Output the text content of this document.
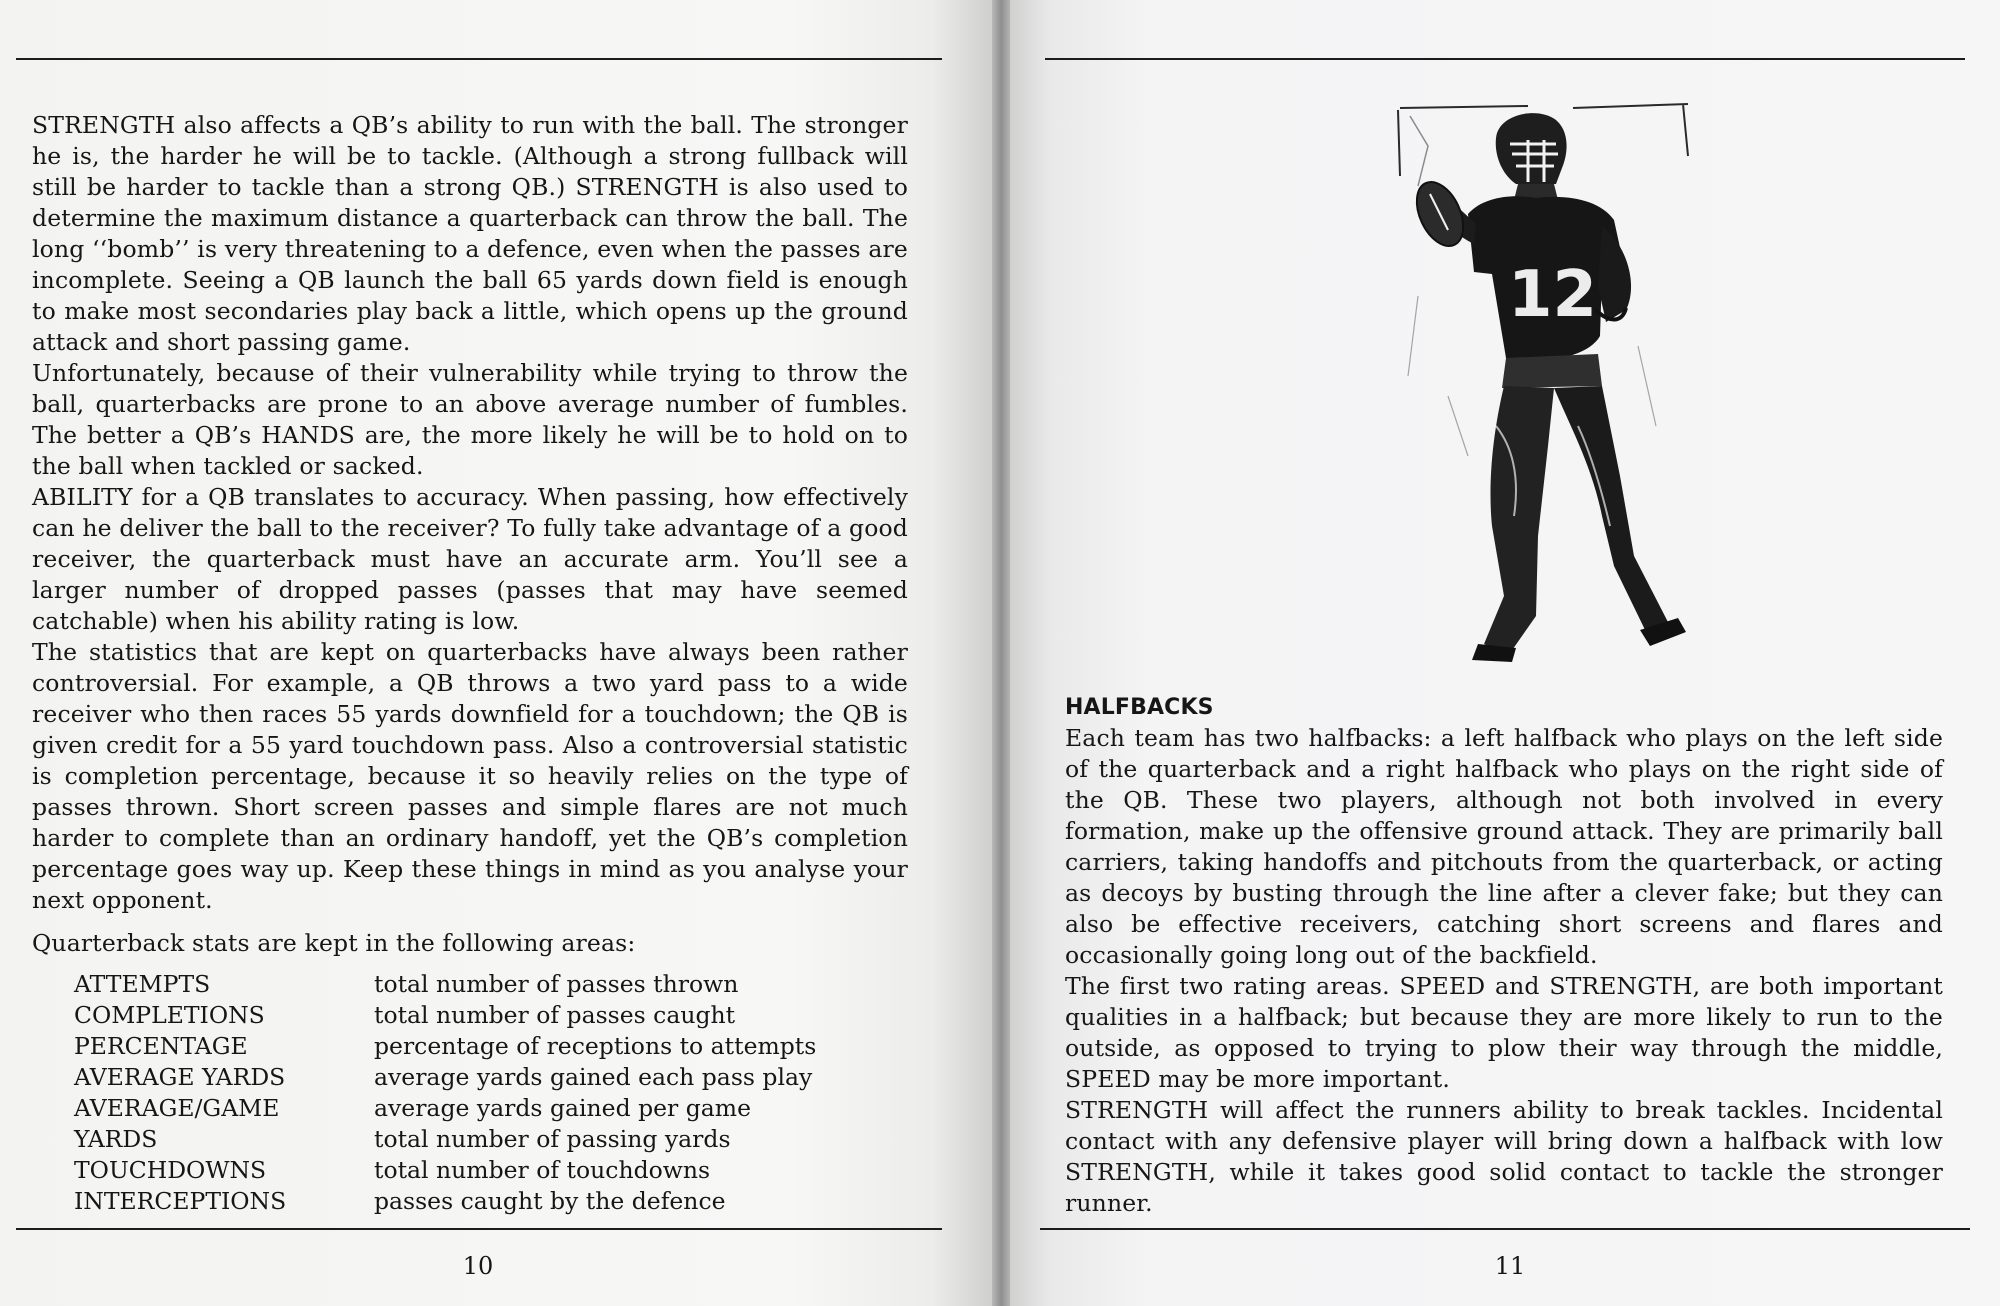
STRENGTH also affects a QB’s ability to run with the ball. The stronger he is, the harder he will be to tackle. (Although a strong fullback will still be harder to tackle than a strong QB.) STRENGTH is also used to determine the maximum distance a quarterback can throw the ball. The long ‘‘bomb’’ is very threatening to a defence, even when the passes are incomplete. Seeing a QB launch the ball 65 yards down field is enough to make most secondaries play back a little, which opens up the ground attack and short passing game.

Unfortunately, because of their vulnerability while trying to throw the ball, quarterbacks are prone to an above average number of fumbles. The better a QB’s HANDS are, the more likely he will be to hold on to the ball when tackled or sacked.

ABILITY for a QB translates to accuracy. When passing, how effectively can he deliver the ball to the receiver? To fully take advantage of a good receiver, the quarterback must have an accurate arm. You’ll see a larger number of dropped passes (passes that may have seemed catchable) when his ability rating is low.

The statistics that are kept on quarterbacks have always been rather controversial. For example, a QB throws a two yard pass to a wide receiver who then races 55 yards downfield for a touchdown; the QB is given credit for a 55 yard touchdown pass. Also a controversial statistic is completion percentage, because it so heavily relies on the type of passes thrown. Short screen passes and simple flares are not much harder to complete than an ordinary handoff, yet the QB’s completion percentage goes way up. Keep these things in mind as you analyse your next opponent.

Quarterback stats are kept in the following areas:

ATTEMPTS	total number of passes thrown
COMPLETIONS	total number of passes caught
PERCENTAGE	percentage of receptions to attempts
AVERAGE YARDS	average yards gained each pass play
AVERAGE/GAME	average yards gained per game
YARDS	total number of passing yards
TOUCHDOWNS	total number of touchdowns
INTERCEPTIONS	passes caught by the defence
10
12

HALFBACKS

Each team has two halfbacks: a left halfback who plays on the left side of the quarterback and a right halfback who plays on the right side of the QB. These two players, although not both involved in every formation, make up the offensive ground attack. They are primarily ball carriers, taking handoffs and pitchouts from the quarterback, or acting as decoys by busting through the line after a clever fake; but they can also be effective receivers, catching short screens and flares and occasionally going long out of the backfield.

The first two rating areas. SPEED and STRENGTH, are both important qualities in a halfback; but because they are more likely to run to the outside, as opposed to trying to plow their way through the middle, SPEED may be more important.

STRENGTH will affect the runners ability to break tackles. Incidental contact with any defensive player will bring down a halfback with low STRENGTH, while it takes good solid contact to tackle the stronger runner.

11
